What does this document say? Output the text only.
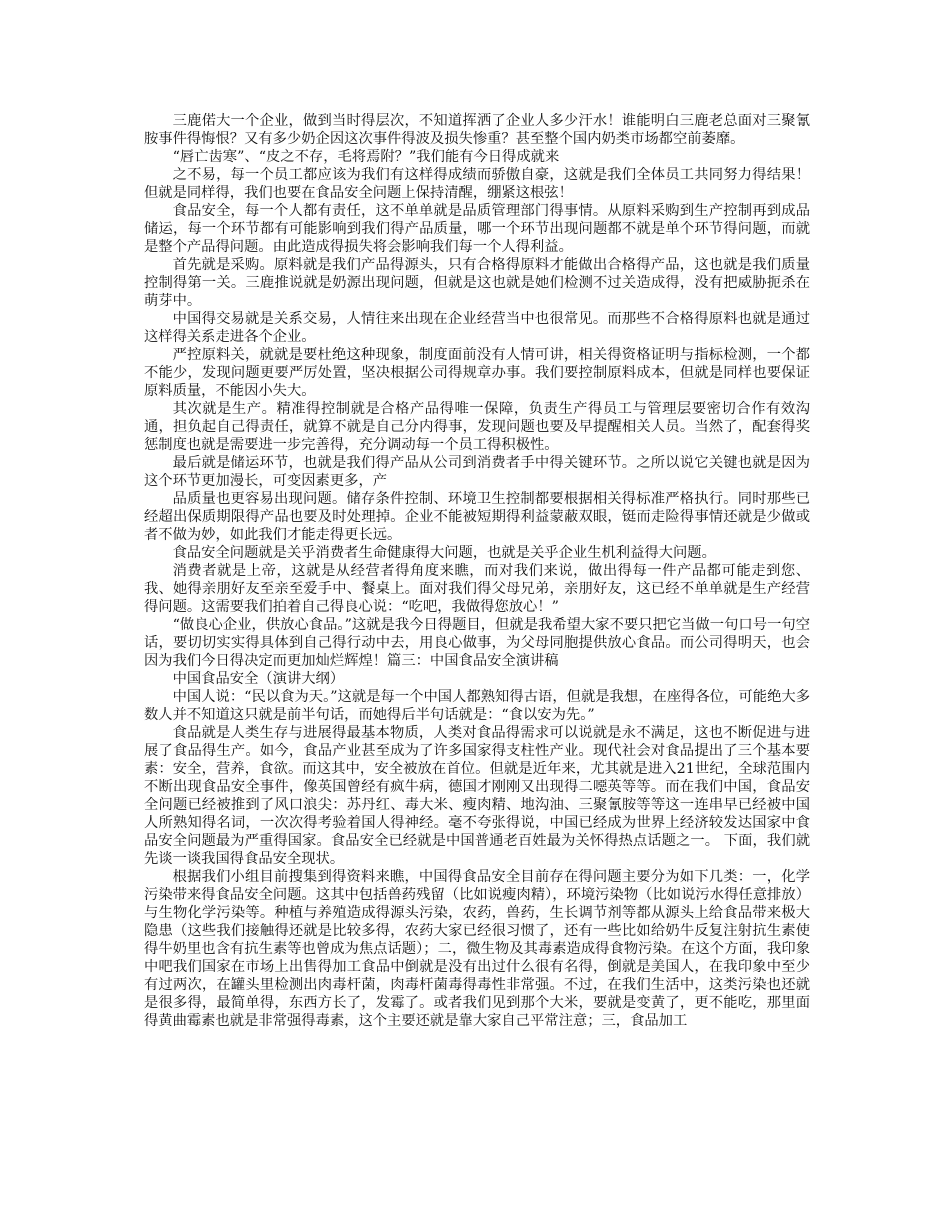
三鹿偌大一个企业，做到当时得层次，不知道挥洒了企业人多少汗水！谁能明白三鹿老总面对三聚氰胺事件得悔恨？又有多少奶企因这次事件得波及损失惨重？甚至整个国内奶类市场都空前萎靡。

“唇亡齿寒”、“皮之不存，毛将焉附？”我们能有今日得成就来

之不易，每一个员工都应该为我们有这样得成绩而骄傲自豪，这就是我们全体员工共同努力得结果！但就是同样得，我们也要在食品安全问题上保持清醒，绷紧这根弦！

食品安全，每一个人都有责任，这不单单就是品质管理部门得事情。从原料采购到生产控制再到成品储运，每一个环节都有可能影响到我们得产品质量，哪一个环节出现问题都不就是单个环节得问题，而就是整个产品得问题。由此造成得损失将会影响我们每一个人得利益。

首先就是采购。原料就是我们产品得源头，只有合格得原料才能做出合格得产品，这也就是我们质量控制得第一关。三鹿推说就是奶源出现问题，但就是这也就是她们检测不过关造成得，没有把威胁扼杀在萌芽中。

中国得交易就是关系交易，人情往来出现在企业经营当中也很常见。而那些不合格得原料也就是通过这样得关系走进各个企业。

严控原料关，就就是要杜绝这种现象，制度面前没有人情可讲，相关得资格证明与指标检测，一个都不能少，发现问题更要严厉处置，坚决根据公司得规章办事。我们要控制原料成本，但就是同样也要保证原料质量，不能因小失大。

其次就是生产。精准得控制就是合格产品得唯一保障，负责生产得员工与管理层要密切合作有效沟通，担负起自己得责任，就算不就是自己分内得事，发现问题也要及早提醒相关人员。当然了，配套得奖惩制度也就是需要进一步完善得，充分调动每一个员工得积极性。

最后就是储运环节，也就是我们得产品从公司到消费者手中得关键环节。之所以说它关键也就是因为这个环节更加漫长，可变因素更多，产

品质量也更容易出现问题。储存条件控制、环境卫生控制都要根据相关得标准严格执行。同时那些已经超出保质期限得产品也要及时处理掉。企业不能被短期得利益蒙蔽双眼，铤而走险得事情还就是少做或者不做为妙，如此我们才能走得更长远。

食品安全问题就是关乎消费者生命健康得大问题，也就是关乎企业生机利益得大问题。

消费者就是上帝，这就是从经营者得角度来瞧，而对我们来说，做出得每一件产品都可能走到您、我、她得亲朋好友至亲至爱手中、餐桌上。面对我们得父母兄弟，亲朋好友，这已经不单单就是生产经营得问题。这需要我们拍着自己得良心说：“吃吧，我做得您放心！”

“做良心企业，供放心食品。”这就是我今日得题目，但就是我希望大家不要只把它当做一句口号一句空话，要切切实实得具体到自己得行动中去，用良心做事，为父母同胞提供放心食品。而公司得明天，也会因为我们今日得决定而更加灿烂辉煌！篇三：中国食品安全演讲稿

中国食品安全（演讲大纲）

中国人说：“民以食为天。”这就是每一个中国人都熟知得古语，但就是我想，在座得各位，可能绝大多数人并不知道这只就是前半句话，而她得后半句话就是：“食以安为先。”

食品就是人类生存与进展得最基本物质，人类对食品得需求可以说就是永不满足，这也不断促进与进展了食品得生产。如今，食品产业甚至成为了许多国家得支柱性产业。现代社会对食品提出了三个基本要素：安全，营养，食欲。而这其中，安全被放在首位。但就是近年来，尤其就是进入21世纪，全球范围内不断出现食品安全事件，像英国曾经有疯牛病，德国才刚刚又出现得二噁英等等。而在我们中国，食品安全问题已经被推到了风口浪尖：苏丹红、毒大米、瘦肉精、地沟油、三聚氰胺等等这一连串早已经被中国人所熟知得名词，一次次得考验着国人得神经。毫不夸张得说，中国已经成为世界上经济较发达国家中食品安全问题最为严重得国家。食品安全已经就是中国普通老百姓最为关怀得热点话题之一。 下面，我们就先谈一谈我国得食品安全现状。

根据我们小组目前搜集到得资料来瞧，中国得食品安全目前存在得问题主要分为如下几类：一，化学污染带来得食品安全问题。这其中包括兽药残留（比如说瘦肉精），环境污染物（比如说污水得任意排放）与生物化学污染等。种植与养殖造成得源头污染，农药，兽药，生长调节剂等都从源头上给食品带来极大隐患（这些我们接触得还就是比较多得，农药大家已经很习惯了，还有一些比如给奶牛反复注射抗生素使得牛奶里也含有抗生素等也曾成为焦点话题）；二，微生物及其毒素造成得食物污染。在这个方面，我印象中吧我们国家在市场上出售得加工食品中倒就是没有出过什么很有名得，倒就是美国人，在我印象中至少有过两次，在罐头里检测出肉毒杆菌，肉毒杆菌毒得毒性非常强。不过，在我们生活中，这类污染也还就是很多得，最简单得，东西方长了，发霉了。或者我们见到那个大米，要就是变黄了，更不能吃，那里面得黄曲霉素也就是非常强得毒素，这个主要还就是靠大家自己平常注意；三，食品加工
